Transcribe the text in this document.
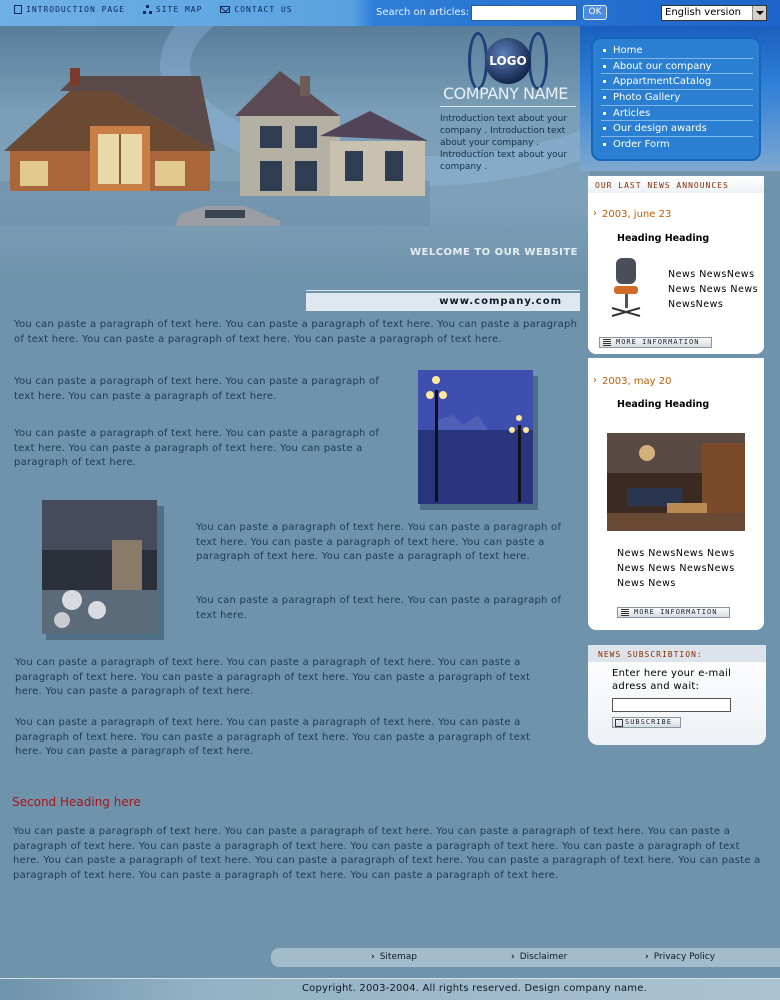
INTRODUCTION PAGE	SITE MAP	CONTACT US	Search on articles:	OK	English version
LOGO
COMPANY NAME
Introduction text about your company . Introduction text about your company . Introduction text about your company .
WELCOME TO OUR WEBSITE
www.company.com
Home
About our company
AppartmentCatalog
Photo Gallery
Articles
Our design awards
Order Form
OUR LAST NEWS ANNOUNCES
› 2003, june 23
Heading Heading
News NewsNews
News News News
NewsNews
MORE INFORMATION
› 2003, may 20
Heading Heading
News NewsNews News
News News NewsNews
News News
MORE INFORMATION
NEWS SUBSCRIBTION:
Enter here your e-mail adress and wait:
SUBSCRIBE
You can paste a paragraph of text here. You can paste a paragraph of text here. You can paste a paragraph of text here. You can paste a paragraph of text here. You can paste a paragraph of text here.
You can paste a paragraph of text here. You can paste a paragraph of text here. You can paste a paragraph of text here.
You can paste a paragraph of text here. You can paste a paragraph of text here. You can paste a paragraph of text here. You can paste a paragraph of text here.
You can paste a paragraph of text here. You can paste a paragraph of text here. You can paste a paragraph of text here. You can paste a paragraph of text here. You can paste a paragraph of text here.
You can paste a paragraph of text here. You can paste a paragraph of text here.
You can paste a paragraph of text here. You can paste a paragraph of text here. You can paste a paragraph of text here. You can paste a paragraph of text here. You can paste a paragraph of text here. You can paste a paragraph of text here.
You can paste a paragraph of text here. You can paste a paragraph of text here. You can paste a paragraph of text here. You can paste a paragraph of text here. You can paste a paragraph of text here. You can paste a paragraph of text here.
Second Heading here
You can paste a paragraph of text here. You can paste a paragraph of text here. You can paste a paragraph of text here. You can paste a paragraph of text here. You can paste a paragraph of text here. You can paste a paragraph of text here. You can paste a paragraph of text here. You can paste a paragraph of text here. You can paste a paragraph of text here. You can paste a paragraph of text here. You can paste a paragraph of text here. You can paste a paragraph of text here. You can paste a paragraph of text here.
› Sitemap	› Disclaimer	› Privacy Policy
Copyright. 2003-2004. All rights reserved. Design company name.
